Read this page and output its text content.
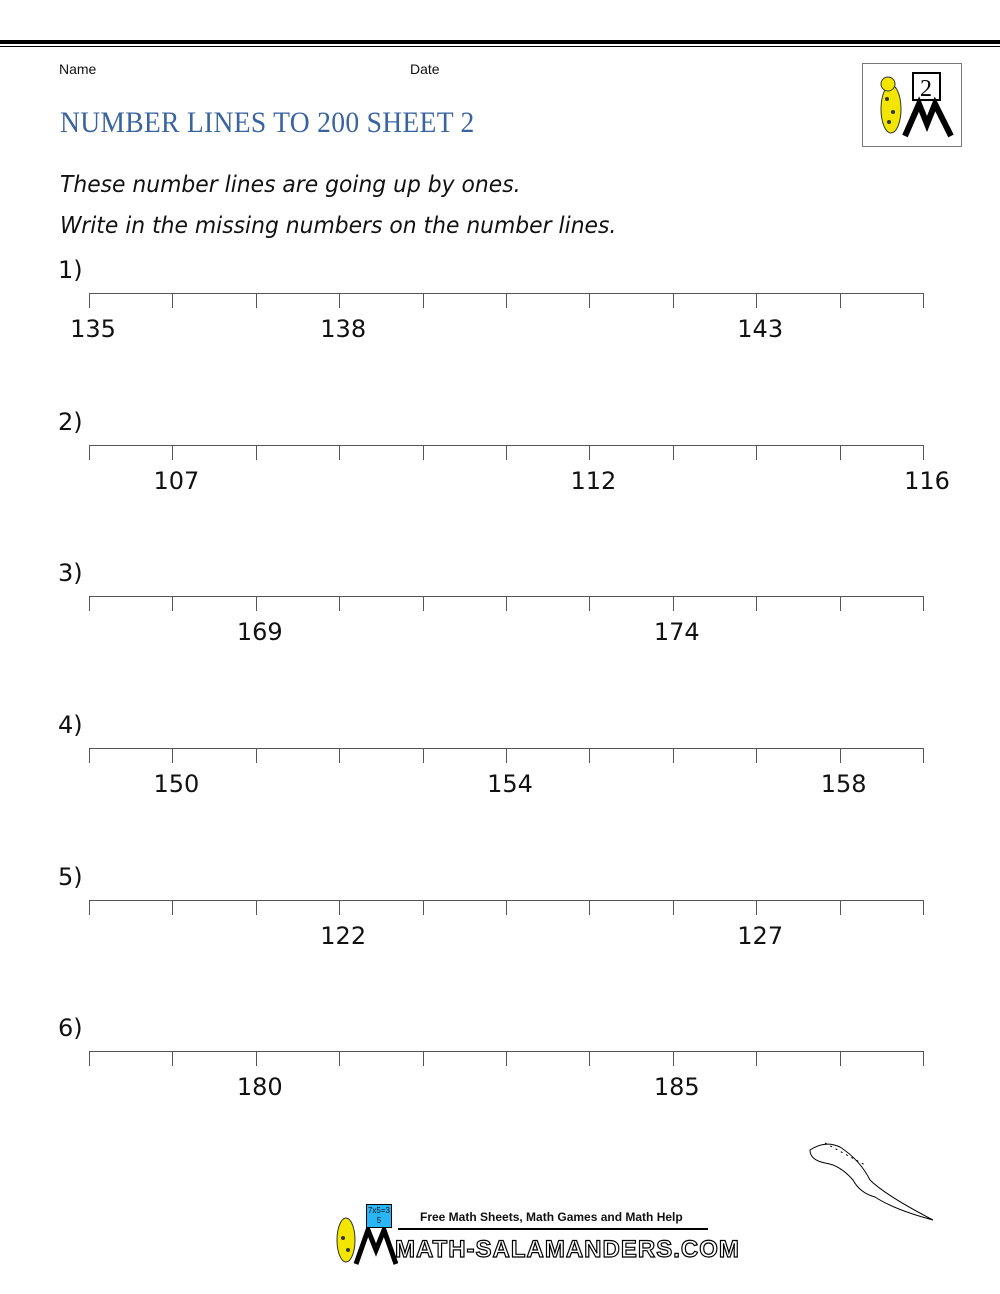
Name	Date
NUMBER LINES TO 200 SHEET 2
2
These number lines are going up by ones.
Write in the missing numbers on the number lines.
1)
135	138	143
2)
107	112	116
3)
169	174
4)
150	154	158
5)
122	127
6)
180	185
7x5=35	Free Math Sheets, Math Games and Math Help
MATH-SALAMANDERS.COM
